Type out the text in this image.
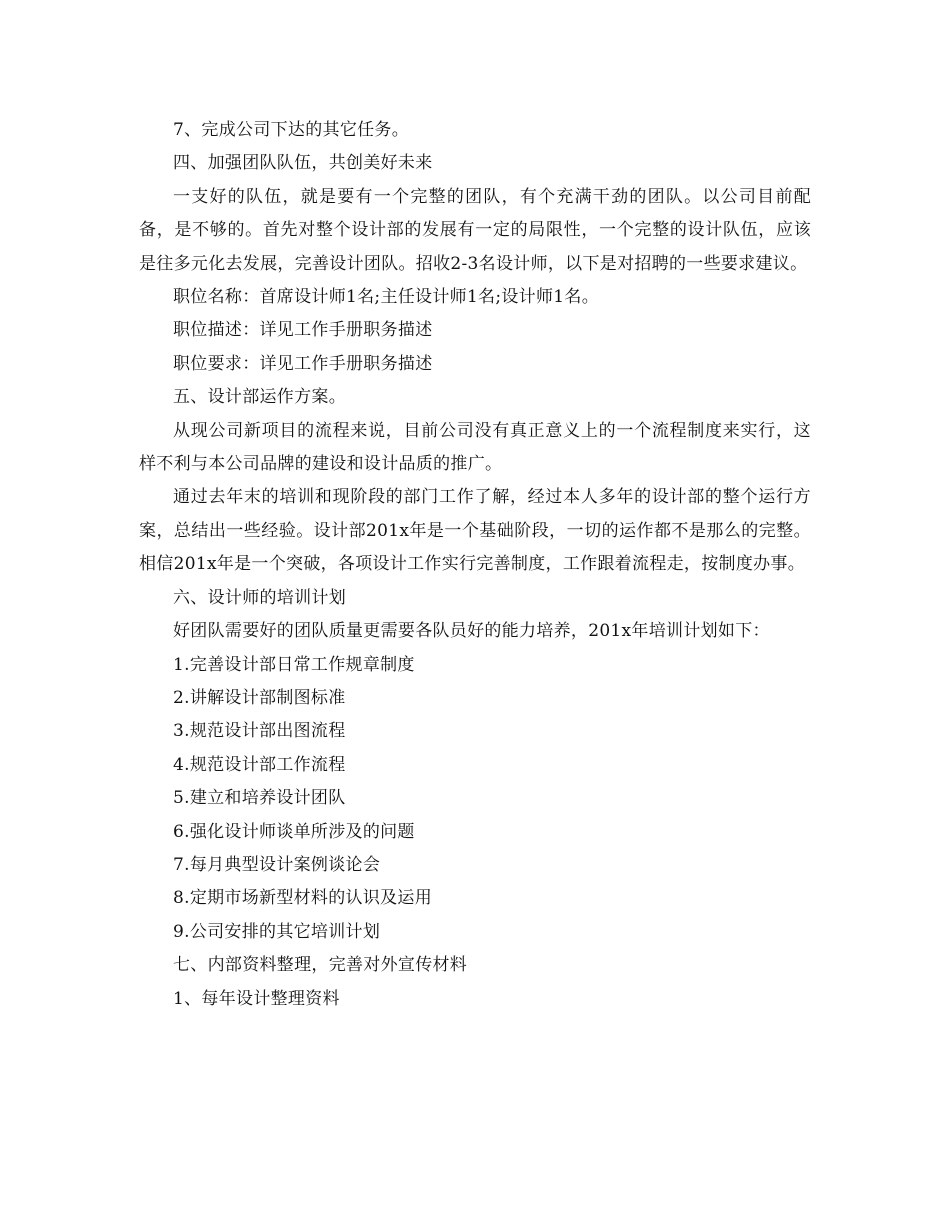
7、完成公司下达的其它任务。

四、加强团队队伍，共创美好未来

一支好的队伍，就是要有一个完整的团队，有个充满干劲的团队。以公司目前配备，是不够的。首先对整个设计部的发展有一定的局限性，一个完整的设计队伍，应该是往多元化去发展，完善设计团队。招收2-3名设计师，以下是对招聘的一些要求建议。

职位名称：首席设计师1名;主任设计师1名;设计师1名。

职位描述：详见工作手册职务描述

职位要求：详见工作手册职务描述

五、设计部运作方案。

从现公司新项目的流程来说，目前公司没有真正意义上的一个流程制度来实行，这样不利与本公司品牌的建设和设计品质的推广。

通过去年末的培训和现阶段的部门工作了解，经过本人多年的设计部的整个运行方案，总结出一些经验。设计部201x年是一个基础阶段，一切的运作都不是那么的完整。相信201x年是一个突破，各项设计工作实行完善制度，工作跟着流程走，按制度办事。

六、设计师的培训计划

好团队需要好的团队质量更需要各队员好的能力培养，201x年培训计划如下：

1.完善设计部日常工作规章制度

2.讲解设计部制图标准

3.规范设计部出图流程

4.规范设计部工作流程

5.建立和培养设计团队

6.强化设计师谈单所涉及的问题

7.每月典型设计案例谈论会

8.定期市场新型材料的认识及运用

9.公司安排的其它培训计划

七、内部资料整理，完善对外宣传材料

1、每年设计整理资料
